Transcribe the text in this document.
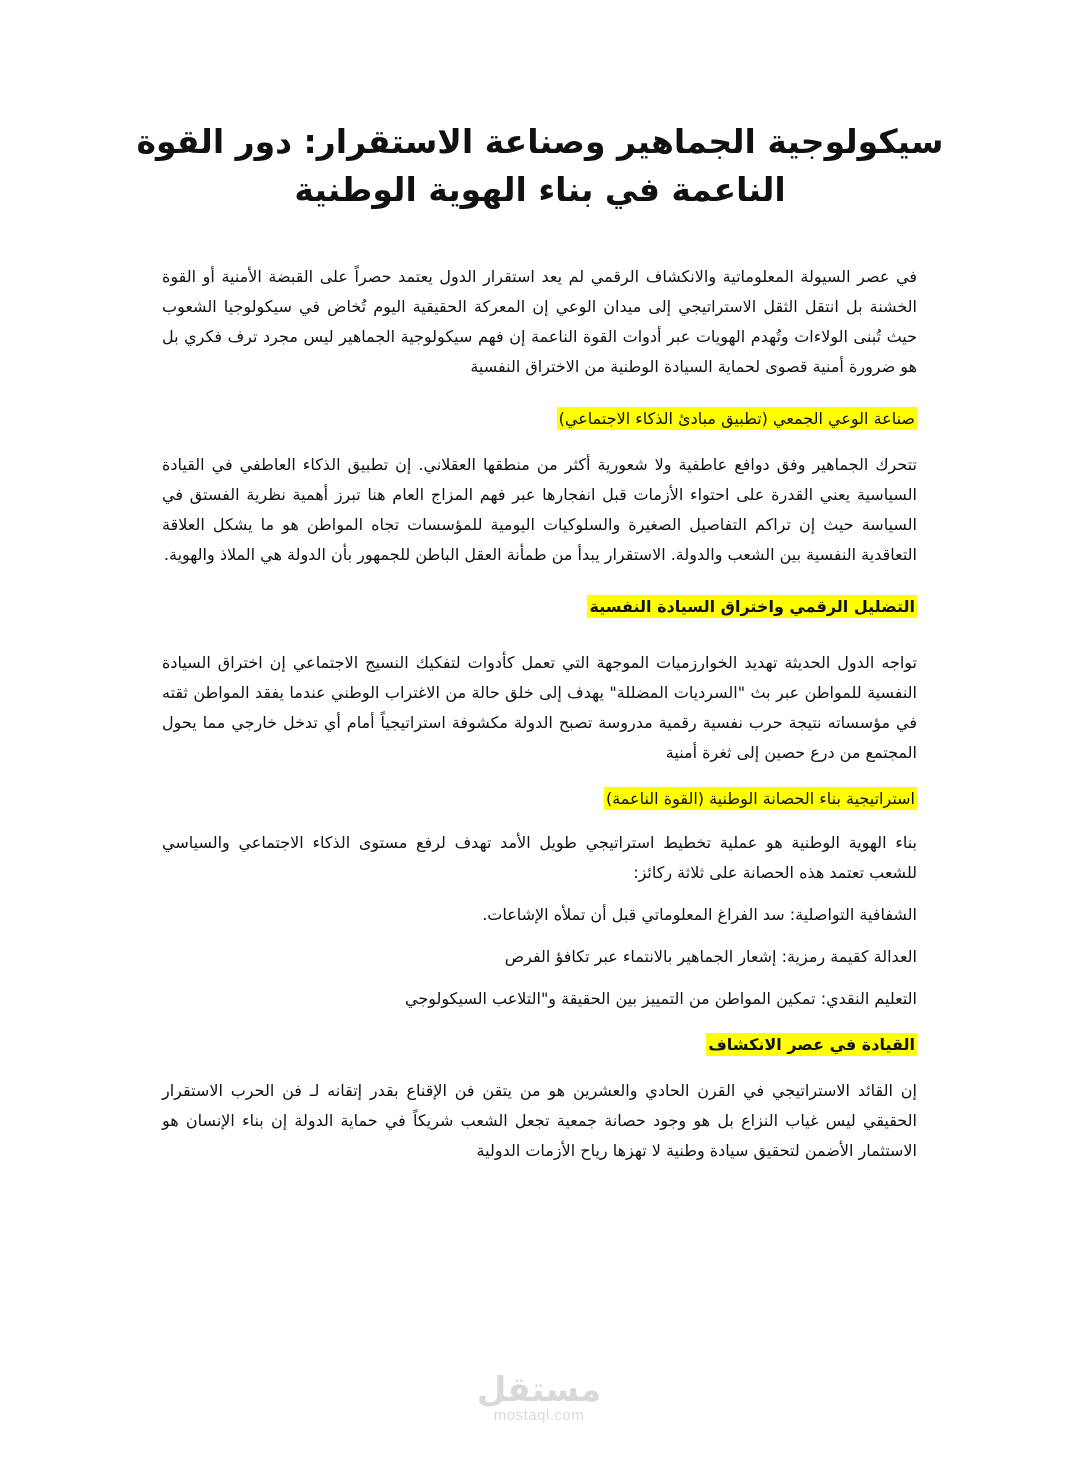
سيكولوجية الجماهير وصناعة الاستقرار: دور القوة الناعمة في بناء الهوية الوطنية

في عصر السيولة المعلوماتية والانكشاف الرقمي لم يعد استقرار الدول يعتمد حصراً على القبضة الأمنية أو القوة الخشنة بل انتقل الثقل الاستراتيجي إلى ميدان الوعي إن المعركة الحقيقية اليوم تُخاض في سيكولوجيا الشعوب حيث تُبنى الولاءات وتُهدم الهويات عبر أدوات القوة الناعمة إن فهم سيكولوجية الجماهير ليس مجرد ترف فكري بل هو ضرورة أمنية قصوى لحماية السيادة الوطنية من الاختراق النفسية

صناعة الوعي الجمعي (تطبيق مبادئ الذكاء الاجتماعي)

تتحرك الجماهير وفق دوافع عاطفية ولا شعورية أكثر من منطقها العقلاني. إن تطبيق الذكاء العاطفي في القيادة السياسية يعني القدرة على احتواء الأزمات قبل انفجارها عبر فهم المزاج العام هنا تبرز أهمية نظرية الفستق في السياسة حيث إن تراكم التفاصيل الصغيرة والسلوكيات اليومية للمؤسسات تجاه المواطن هو ما يشكل العلاقة التعاقدية النفسية بين الشعب والدولة. الاستقرار يبدأ من طمأنة العقل الباطن للجمهور بأن الدولة هي الملاذ والهوية.

التضليل الرقمي واختراق السيادة النفسية

تواجه الدول الحديثة تهديد الخوارزميات الموجهة التي تعمل كأدوات لتفكيك النسيج الاجتماعي إن اختراق السيادة النفسية للمواطن عبر بث "السرديات المضللة" يهدف إلى خلق حالة من الاغتراب الوطني عندما يفقد المواطن ثقته في مؤسساته نتيجة حرب نفسية رقمية مدروسة تصبح الدولة مكشوفة استراتيجياً أمام أي تدخل خارجي مما يحول المجتمع من درع حصين إلى ثغرة أمنية

استراتيجية بناء الحصانة الوطنية (القوة الناعمة)

بناء الهوية الوطنية هو عملية تخطيط استراتيجي طويل الأمد تهدف لرفع مستوى الذكاء الاجتماعي والسياسي للشعب تعتمد هذه الحصانة على ثلاثة ركائز:

الشفافية التواصلية: سد الفراغ المعلوماتي قبل أن تملأه الإشاعات.

العدالة كقيمة رمزية: إشعار الجماهير بالانتماء عبر تكافؤ الفرص

التعليم النقدي: تمكين المواطن من التمييز بين الحقيقة و"التلاعب السيكولوجي

القيادة في عصر الانكشاف

إن القائد الاستراتيجي في القرن الحادي والعشرين هو من يتقن فن الإقناع بقدر إتقانه لـ فن الحرب الاستقرار الحقيقي ليس غياب النزاع بل هو وجود حصانة جمعية تجعل الشعب شريكاً في حماية الدولة إن بناء الإنسان هو الاستثمار الأضمن لتحقيق سيادة وطنية لا تهزها رياح الأزمات الدولية

مستقل
mostaql.com
